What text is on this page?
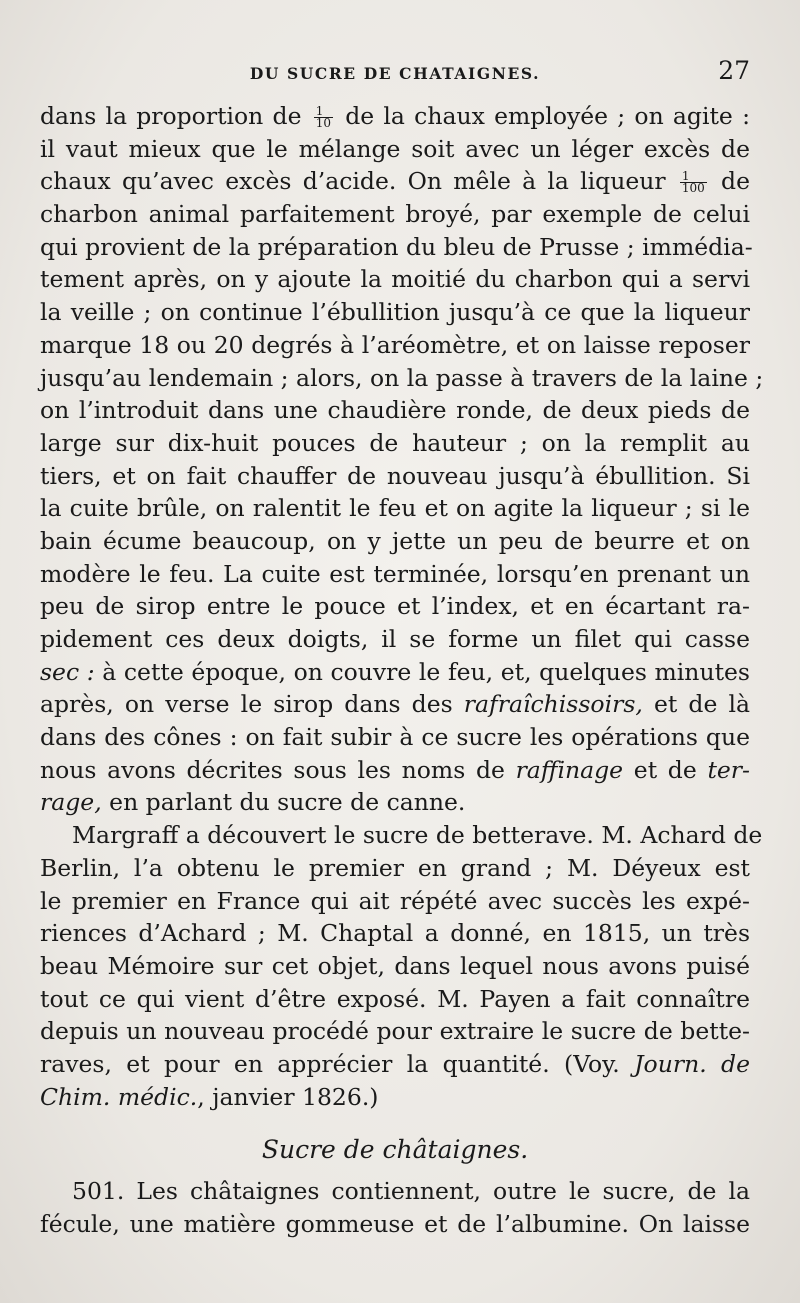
DU SUCRE DE CHATAIGNES.	27
dans la proportion de $\frac{1}{10}$ de la chaux employée ; on agite :
il vaut mieux que le mélange soit avec un léger excès de
chaux qu’avec excès d’acide. On mêle à la liqueur $\frac{1}{100}$ de
charbon animal parfaitement broyé, par exemple de celui
qui provient de la préparation du bleu de Prusse ; immédia-
tement après, on y ajoute la moitié du charbon qui a servi
la veille ; on continue l’ébullition jusqu’à ce que la liqueur
marque 18 ou 20 degrés à l’aréomètre, et on laisse reposer
jusqu’au lendemain ; alors, on la passe à travers de la laine ;
on l’introduit dans une chaudière ronde, de deux pieds de
large sur dix-huit pouces de hauteur ; on la remplit au
tiers, et on fait chauffer de nouveau jusqu’à ébullition. Si
la cuite brûle, on ralentit le feu et on agite la liqueur ; si le
bain écume beaucoup, on y jette un peu de beurre et on
modère le feu. La cuite est terminée, lorsqu’en prenant un
peu de sirop entre le pouce et l’index, et en écartant ra-
pidement ces deux doigts, il se forme un filet qui casse
sec : à cette époque, on couvre le feu, et, quelques minutes
après, on verse le sirop dans des rafraîchissoirs, et de là
dans des cônes : on fait subir à ce sucre les opérations que
nous avons décrites sous les noms de raffinage et de ter-
rage, en parlant du sucre de canne.
Margraff a découvert le sucre de betterave. M. Achard de
Berlin, l’a obtenu le premier en grand ; M. Déyeux est
le premier en France qui ait répété avec succès les expé-
riences d’Achard ; M. Chaptal a donné, en 1815, un très
beau Mémoire sur cet objet, dans lequel nous avons puisé
tout ce qui vient d’être exposé. M. Payen a fait connaître
depuis un nouveau procédé pour extraire le sucre de bette-
raves, et pour en apprécier la quantité. (Voy. Journ. de
Chim. médic., janvier 1826.)
Sucre de châtaignes.
501. Les châtaignes contiennent, outre le sucre, de la
fécule, une matière gommeuse et de l’albumine. On laisse
